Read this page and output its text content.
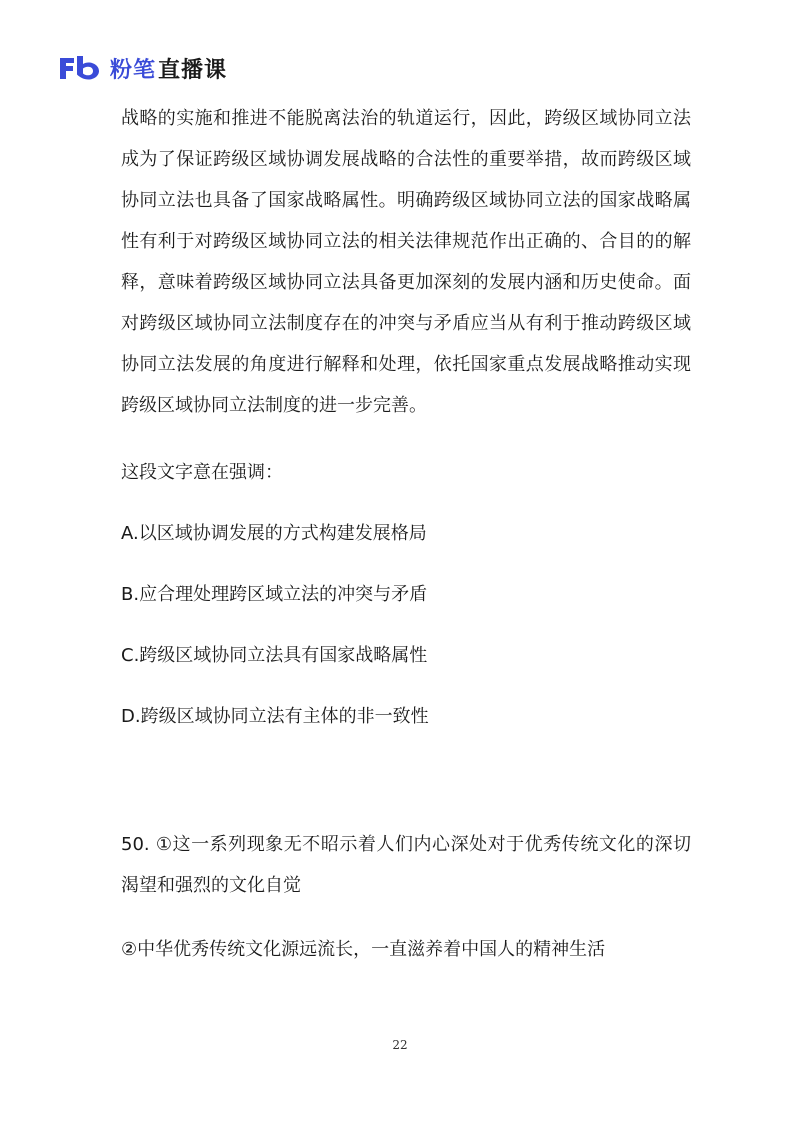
粉笔 直播课

战略的实施和推进不能脱离法治的轨道运行，因此，跨级区域协同立法成为了保证跨级区域协调发展战略的合法性的重要举措，故而跨级区域协同立法也具备了国家战略属性。明确跨级区域协同立法的国家战略属性有利于对跨级区域协同立法的相关法律规范作出正确的、合目的的解释，意味着跨级区域协同立法具备更加深刻的发展内涵和历史使命。面对跨级区域协同立法制度存在的冲突与矛盾应当从有利于推动跨级区域协同立法发展的角度进行解释和处理，依托国家重点发展战略推动实现跨级区域协同立法制度的进一步完善。

这段文字意在强调：

A.以区域协调发展的方式构建发展格局

B.应合理处理跨区域立法的冲突与矛盾

C.跨级区域协同立法具有国家战略属性

D.跨级区域协同立法有主体的非一致性

50. ①这一系列现象无不昭示着人们内心深处对于优秀传统文化的深切渴望和强烈的文化自觉

②中华优秀传统文化源远流长，一直滋养着中国人的精神生活

22
